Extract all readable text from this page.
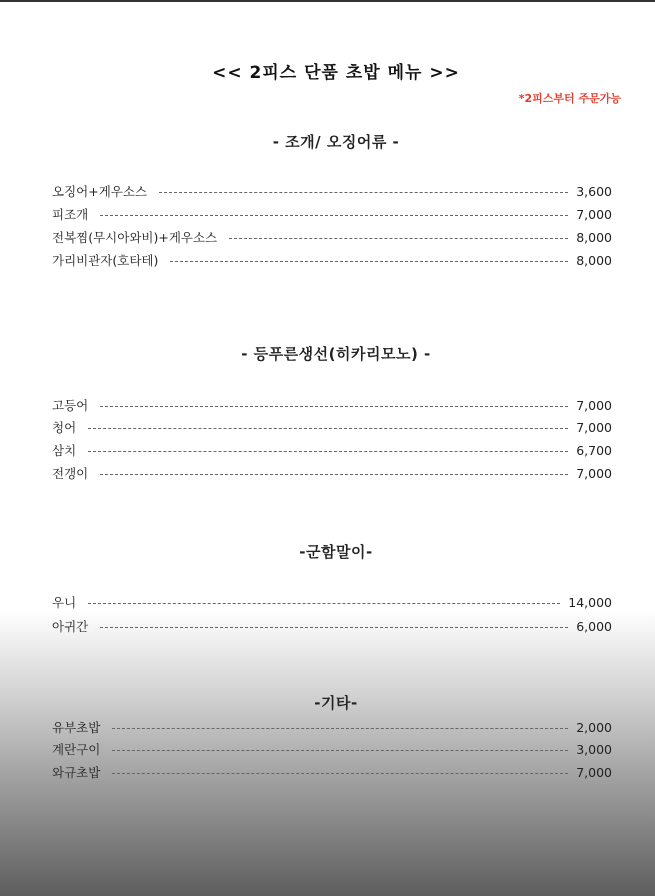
<< 2피스 단품 초밥 메뉴 >>
*2피스부터 주문가능
- 조개/ 오징어류 -
오징어+게우소스	3,600
피조개	7,000
전복찜(무시아와비)+게우소스	8,000
가리비관자(호타테)	8,000
- 등푸른생선(히카리모노) -
고등어	7,000
청어	7,000
삼치	6,700
전갱이	7,000
-군함말이-
우니	14,000
아귀간	6,000
-기타-
유부초밥	2,000
계란구이	3,000
와규초밥	7,000
